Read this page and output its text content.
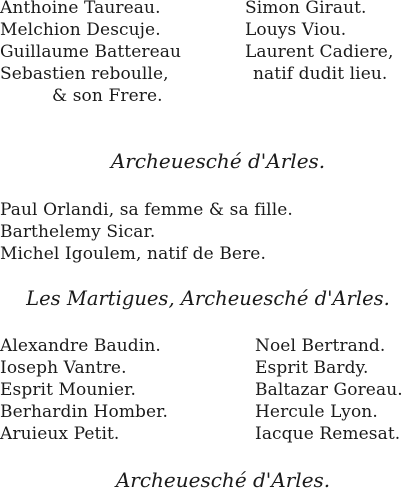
Anthoine Taureau.
Melchion Descuje.
Guillaume Battereau
Sebastien reboulle,
& son Frere.
Simon Giraut.
Louys Viou.
Laurent Cadiere,
natif dudit lieu.
Archeuesché d'Arles.
Paul Orlandi, sa femme & sa fille.
Barthelemy Sicar.
Michel Igoulem, natif de Bere.
Les Martigues, Archeuesché d'Arles.
Alexandre Baudin.
Ioseph Vantre.
Esprit Mounier.
Berhardin Homber.
Aruieux Petit.
Noel Bertrand.
Esprit Bardy.
Baltazar Goreau.
Hercule Lyon.
Iacque Remesat.
Archeuesché d'Arles.
